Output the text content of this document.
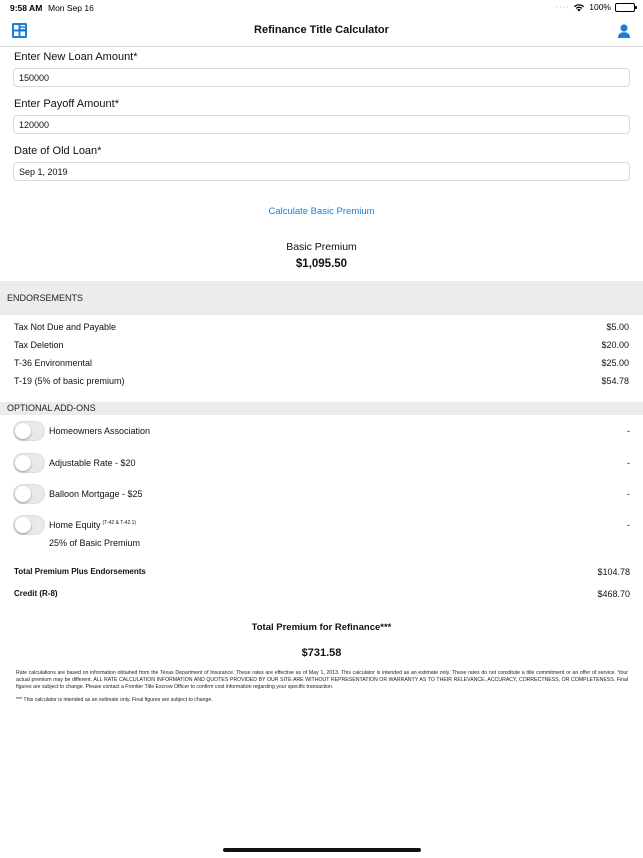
9:58 AM Mon Sep 16	···· 100%
Refinance Title Calculator
Enter New Loan Amount*
150000
Enter Payoff Amount*
120000
Date of Old Loan*
Sep 1, 2019
Calculate Basic Premium
Basic Premium
$1,095.50
ENDORSEMENTS
Tax Not Due and Payable	$5.00
Tax Deletion	$20.00
T-36 Environmental	$25.00
T-19 (5% of basic premium)	$54.78
OPTIONAL ADD-ONS
Homeowners Association	-
Adjustable Rate - $20	-
Balloon Mortgage - $25	-
Home Equity $^{(T-42 \& T-42.1)}$	-
25% of Basic Premium
Total Premium Plus Endorsements	$104.78
Credit (R-8)	$468.70
Total Premium for Refinance***
$731.58
Rate calculations are based on information obtained from the Texas Department of Insurance. These rates are effective as of May 1, 2013. This calculator is intended as an estimate only. These rates do not constitute a title commitment or an offer of service. Your actual premium may be different. ALL RATE CALCULATION INFORMATION AND QUOTES PROVIDED BY OUR SITE ARE WITHOUT REPRESENTATION OR WARRANTY AS TO THEIR RELEVANCE, ACCURACY, CORRECTNESS, OR COMPLETENESS. Final figures are subject to change. Please contact a Frontier Title Escrow Officer to confirm cost information regarding your specific transaction.
*** This calculator is intended as an estimate only. Final figures are subject to change.
